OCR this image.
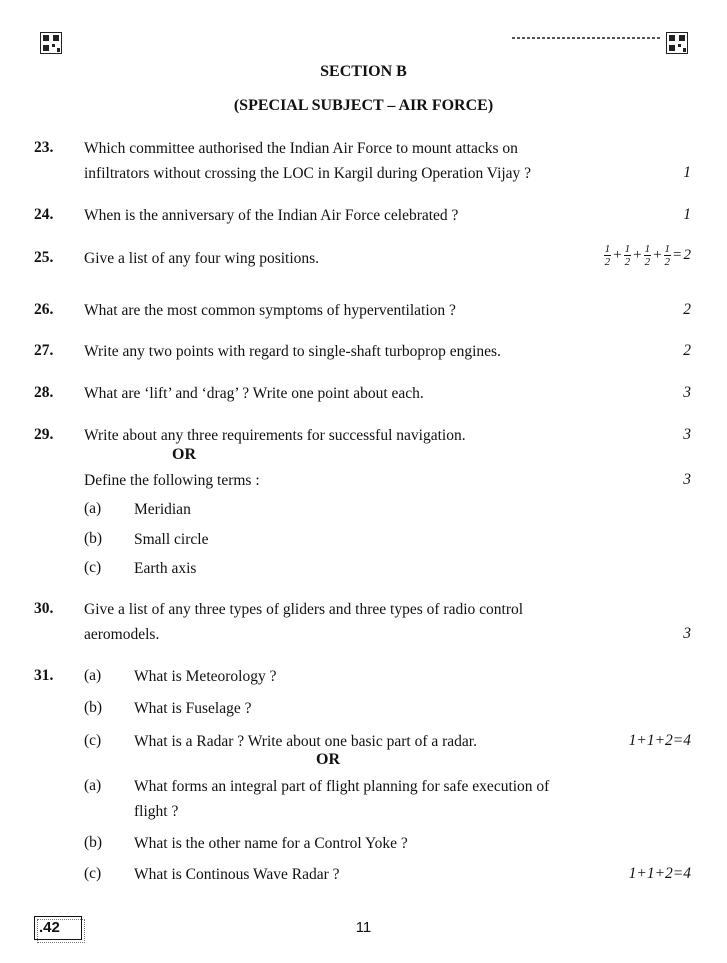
SECTION B
(SPECIAL SUBJECT – AIR FORCE)
23. Which committee authorised the Indian Air Force to mount attacks on
infiltrators without crossing the LOC in Kargil during Operation Vijay ?	1
24. When is the anniversary of the Indian Air Force celebrated ?	1
25. Give a list of any four wing positions.	$\frac{1}{2} + \frac{1}{2} + \frac{1}{2} + \frac{1}{2} = 2$
26. What are the most common symptoms of hyperventilation ?	2
27. Write any two points with regard to single-shaft turboprop engines.	2
28. What are ‘lift’ and ‘drag’ ? Write one point about each.	3
29. Write about any three requirements for successful navigation.	3
OR
Define the following terms :	3
(a) Meridian
(b) Small circle
(c) Earth axis
30. Give a list of any three types of gliders and three types of radio control
aeromodels.	3
31. (a) What is Meteorology ?
(b) What is Fuselage ?
(c) What is a Radar ? Write about one basic part of a radar.	1+1+2=4
OR
(a) What forms an integral part of flight planning for safe execution of
flight ?
(b) What is the other name for a Control Yoke ?
(c) What is Continous Wave Radar ?	1+1+2=4
.42	11
